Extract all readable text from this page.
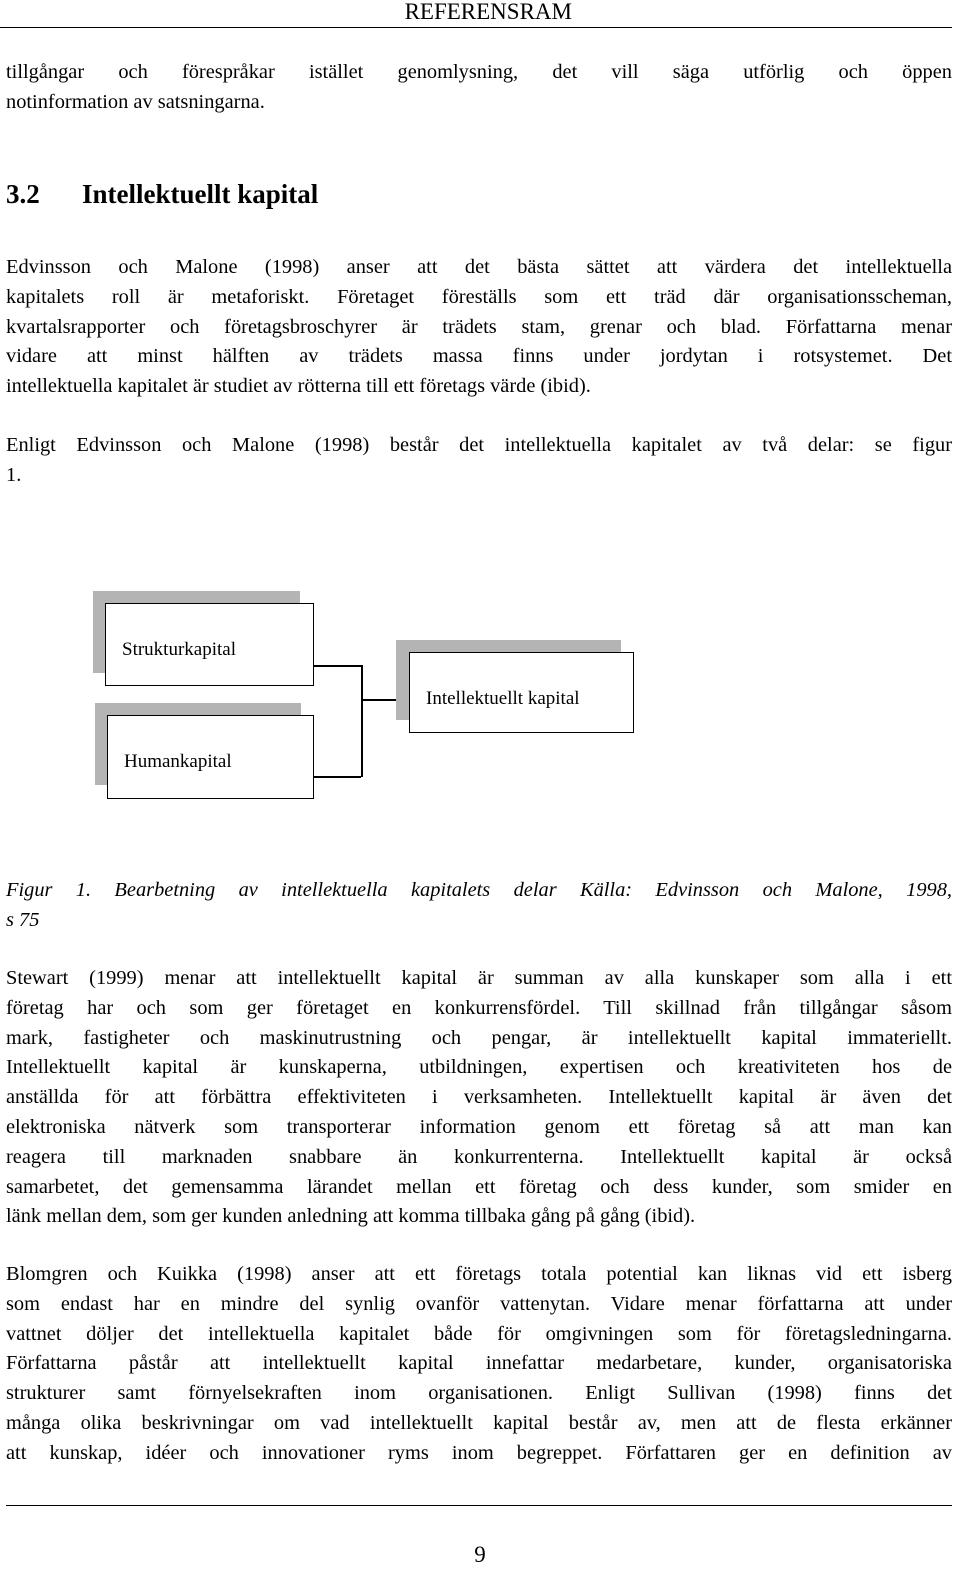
REFERENSRAM
tillgångar och förespråkar istället genomlysning, det vill säga utförlig och öppen
notinformation av satsningarna.
3.2 Intellektuellt kapital
Edvinsson och Malone (1998) anser att det bästa sättet att värdera det intellektuella
kapitalets roll är metaforiskt. Företaget föreställs som ett träd där organisationsscheman,
kvartalsrapporter och företagsbroschyrer är trädets stam, grenar och blad. Författarna menar
vidare att minst hälften av trädets massa finns under jordytan i rotsystemet. Det
intellektuella kapitalet är studiet av rötterna till ett företags värde (ibid).
Enligt Edvinsson och Malone (1998) består det intellektuella kapitalet av två delar: se figur
1.
Strukturkapital
Humankapital
Intellektuellt kapital
Figur 1. Bearbetning av intellektuella kapitalets delar Källa: Edvinsson och Malone, 1998,
s 75
Stewart (1999) menar att intellektuellt kapital är summan av alla kunskaper som alla i ett
företag har och som ger företaget en konkurrensfördel. Till skillnad från tillgångar såsom
mark, fastigheter och maskinutrustning och pengar, är intellektuellt kapital immateriellt.
Intellektuellt kapital är kunskaperna, utbildningen, expertisen och kreativiteten hos de
anställda för att förbättra effektiviteten i verksamheten. Intellektuellt kapital är även det
elektroniska nätverk som transporterar information genom ett företag så att man kan
reagera till marknaden snabbare än konkurrenterna. Intellektuellt kapital är också
samarbetet, det gemensamma lärandet mellan ett företag och dess kunder, som smider en
länk mellan dem, som ger kunden anledning att komma tillbaka gång på gång (ibid).
Blomgren och Kuikka (1998) anser att ett företags totala potential kan liknas vid ett isberg
som endast har en mindre del synlig ovanför vattenytan. Vidare menar författarna att under
vattnet döljer det intellektuella kapitalet både för omgivningen som för företagsledningarna.
Författarna påstår att intellektuellt kapital innefattar medarbetare, kunder, organisatoriska
strukturer samt förnyelsekraften inom organisationen. Enligt Sullivan (1998) finns det
många olika beskrivningar om vad intellektuellt kapital består av, men att de flesta erkänner
att kunskap, idéer och innovationer ryms inom begreppet. Författaren ger en definition av
9
